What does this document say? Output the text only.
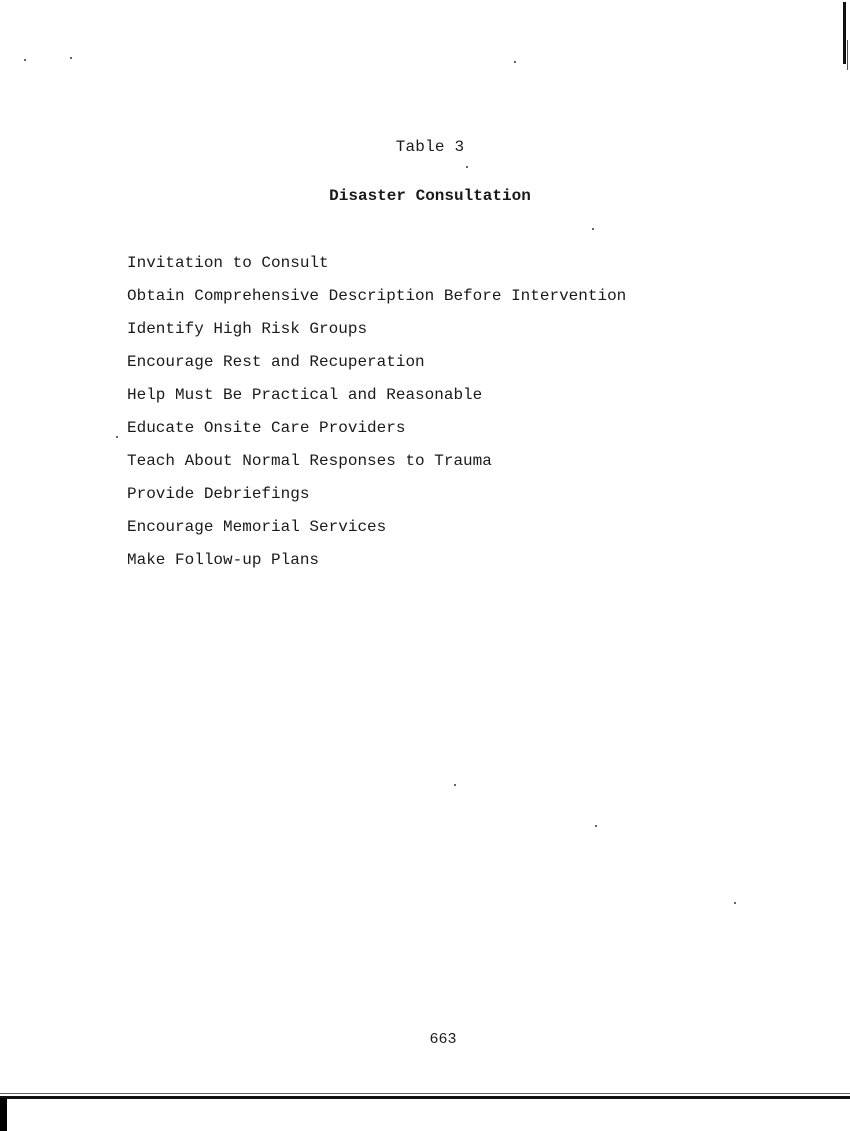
Table 3
Disaster Consultation
Invitation to Consult
Obtain Comprehensive Description Before Intervention
Identify High Risk Groups
Encourage Rest and Recuperation
Help Must Be Practical and Reasonable
Educate Onsite Care Providers
Teach About Normal Responses to Trauma
Provide Debriefings
Encourage Memorial Services
Make Follow-up Plans
663
